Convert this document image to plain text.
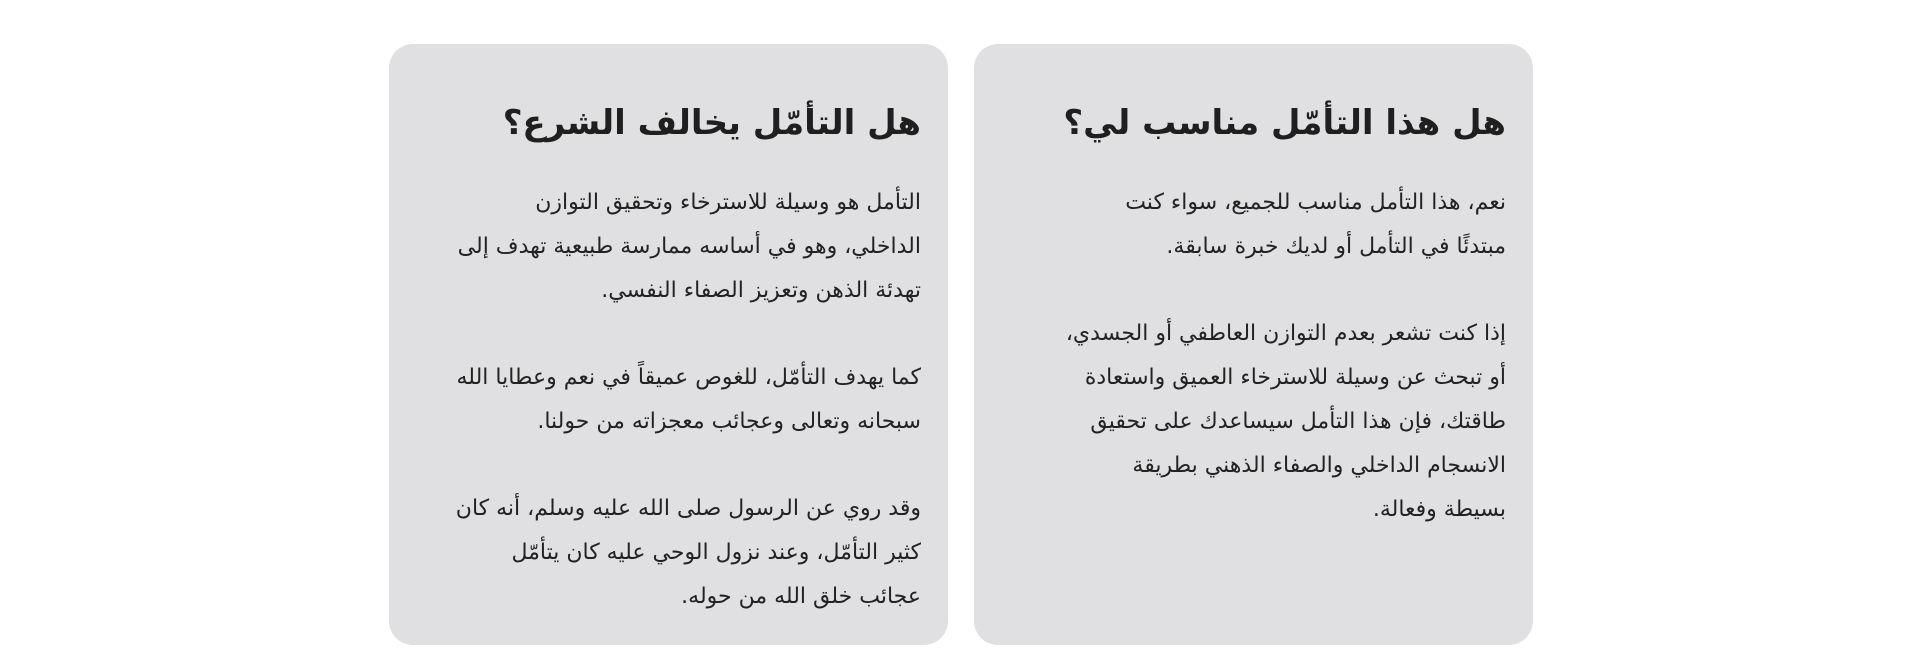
هل هذا التأمّل مناسب لي؟

نعم، هذا التأمل مناسب للجميع، سواء كنت
مبتدئًا في التأمل أو لديك خبرة سابقة.

إذا كنت تشعر بعدم التوازن العاطفي أو الجسدي،
أو تبحث عن وسيلة للاسترخاء العميق واستعادة
طاقتك، فإن هذا التأمل سيساعدك على تحقيق
الانسجام الداخلي والصفاء الذهني بطريقة
بسيطة وفعالة.

هل التأمّل يخالف الشرع؟

التأمل هو وسيلة للاسترخاء وتحقيق التوازن
الداخلي، وهو في أساسه ممارسة طبيعية تهدف إلى
تهدئة الذهن وتعزيز الصفاء النفسي.

كما يهدف التأمّل، للغوص عميقاً في نعم وعطايا الله
سبحانه وتعالى وعجائب معجزاته من حولنا.

وقد روي عن الرسول صلى الله عليه وسلم، أنه كان
كثير التأمّل، وعند نزول الوحي عليه كان يتأمّل
عجائب خلق الله من حوله.
